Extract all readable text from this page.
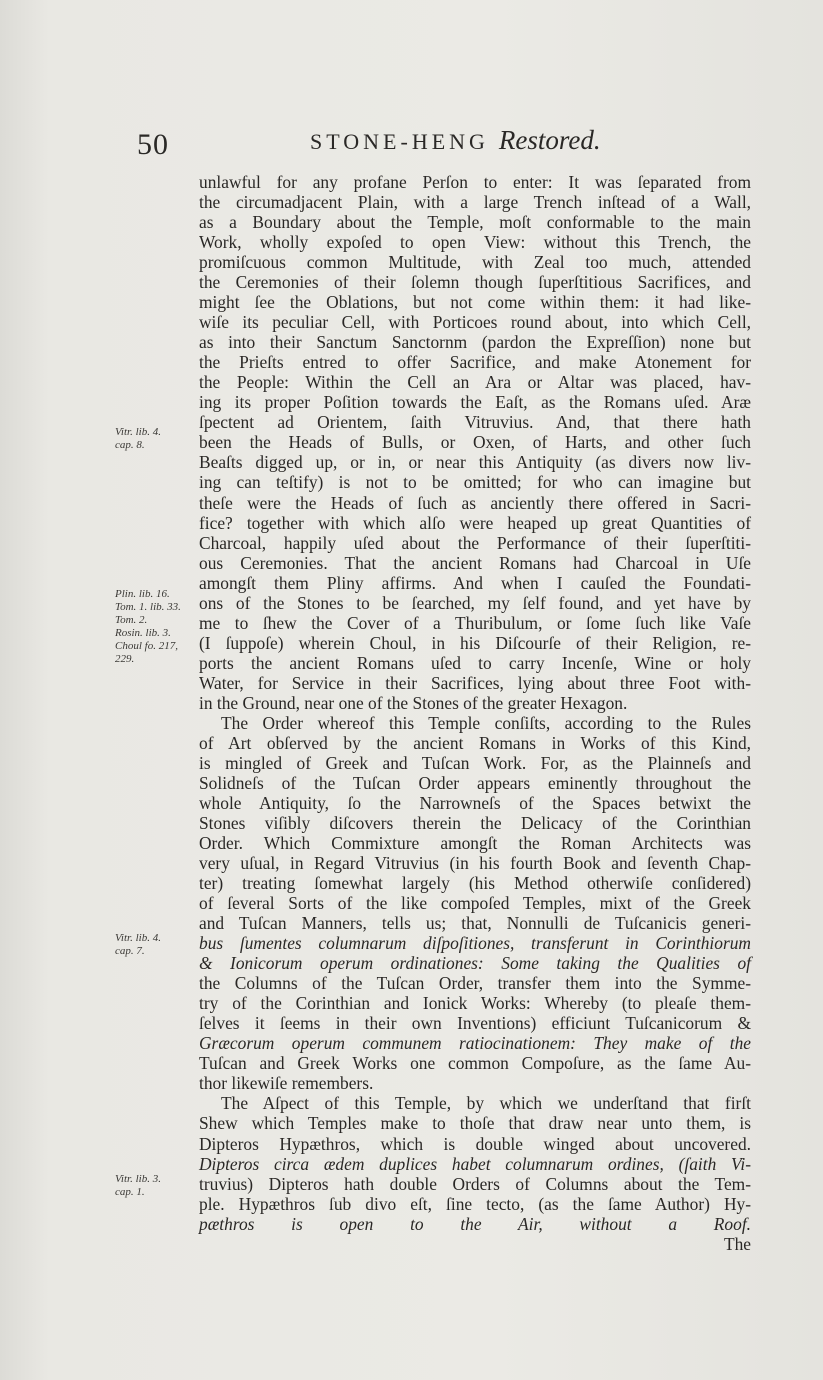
50	STONE-HENG Restored.
Vitr. lib. 4.
cap. 8.
Plin. lib. 16.
Tom. 1. lib. 33.
Tom. 2.
Rosin. lib. 3.
Choul fo. 217,
229.
Vitr. lib. 4.
cap. 7.
Vitr. lib. 3.
cap. 1.
unlawful for any profane Perſon to enter: It was ſeparated from
the circumadjacent Plain, with a large Trench inſtead of a Wall,
as a Boundary about the Temple, moſt conformable to the main
Work, wholly expoſed to open View: without this Trench, the
promiſcuous common Multitude, with Zeal too much, attended
the Ceremonies of their ſolemn though ſuperſtitious Sacrifices, and
might ſee the Oblations, but not come within them: it had like-
wiſe its peculiar Cell, with Porticoes round about, into which Cell,
as into their Sanctum Sanctornm (pardon the Expreſſion) none but
the Prieſts entred to offer Sacrifice, and make Atonement for
the People: Within the Cell an Ara or Altar was placed, hav-
ing its proper Poſition towards the Eaſt, as the Romans uſed. Aræ
ſpectent ad Orientem, ſaith Vitruvius. And, that there hath
been the Heads of Bulls, or Oxen, of Harts, and other ſuch
Beaſts digged up, or in, or near this Antiquity (as divers now liv-
ing can teſtify) is not to be omitted; for who can imagine but
theſe were the Heads of ſuch as anciently there offered in Sacri-
fice? together with which alſo were heaped up great Quantities of
Charcoal, happily uſed about the Performance of their ſuperſtiti-
ous Ceremonies. That the ancient Romans had Charcoal in Uſe
amongſt them Pliny affirms. And when I cauſed the Foundati-
ons of the Stones to be ſearched, my ſelf found, and yet have by
me to ſhew the Cover of a Thuribulum, or ſome ſuch like Vaſe
(I ſuppoſe) wherein Choul, in his Diſcourſe of their Religion, re-
ports the ancient Romans uſed to carry Incenſe, Wine or holy
Water, for Service in their Sacrifices, lying about three Foot with-
in the Ground, near one of the Stones of the greater Hexagon.
The Order whereof this Temple conſiſts, according to the Rules
of Art obſerved by the ancient Romans in Works of this Kind,
is mingled of Greek and Tuſcan Work. For, as the Plainneſs and
Solidneſs of the Tuſcan Order appears eminently throughout the
whole Antiquity, ſo the Narrowneſs of the Spaces betwixt the
Stones viſibly diſcovers therein the Delicacy of the Corinthian
Order. Which Commixture amongſt the Roman Architects was
very uſual, in Regard Vitruvius (in his fourth Book and ſeventh Chap-
ter) treating ſomewhat largely (his Method otherwiſe conſidered)
of ſeveral Sorts of the like compoſed Temples, mixt of the Greek
and Tuſcan Manners, tells us; that, Nonnulli de Tuſcanicis generi-
bus ſumentes columnarum diſpoſitiones, transferunt in Corinthiorum
& Ionicorum operum ordinationes: Some taking the Qualities of
the Columns of the Tuſcan Order, transfer them into the Symme-
try of the Corinthian and Ionick Works: Whereby (to pleaſe them-
ſelves it ſeems in their own Inventions) efficiunt Tuſcanicorum &
Græcorum operum communem ratiocinationem: They make of the
Tuſcan and Greek Works one common Compoſure, as the ſame Au-
thor likewiſe remembers.
The Aſpect of this Temple, by which we underſtand that firſt
Shew which Temples make to thoſe that draw near unto them, is
Dipteros Hypæthros, which is double winged about uncovered.
Dipteros circa ædem duplices habet columnarum ordines, (ſaith Vi-
truvius) Dipteros hath double Orders of Columns about the Tem-
ple. Hypæthros ſub divo eſt, ſine tecto, (as the ſame Author) Hy-
pæthros is open to the Air, without a Roof.
The
